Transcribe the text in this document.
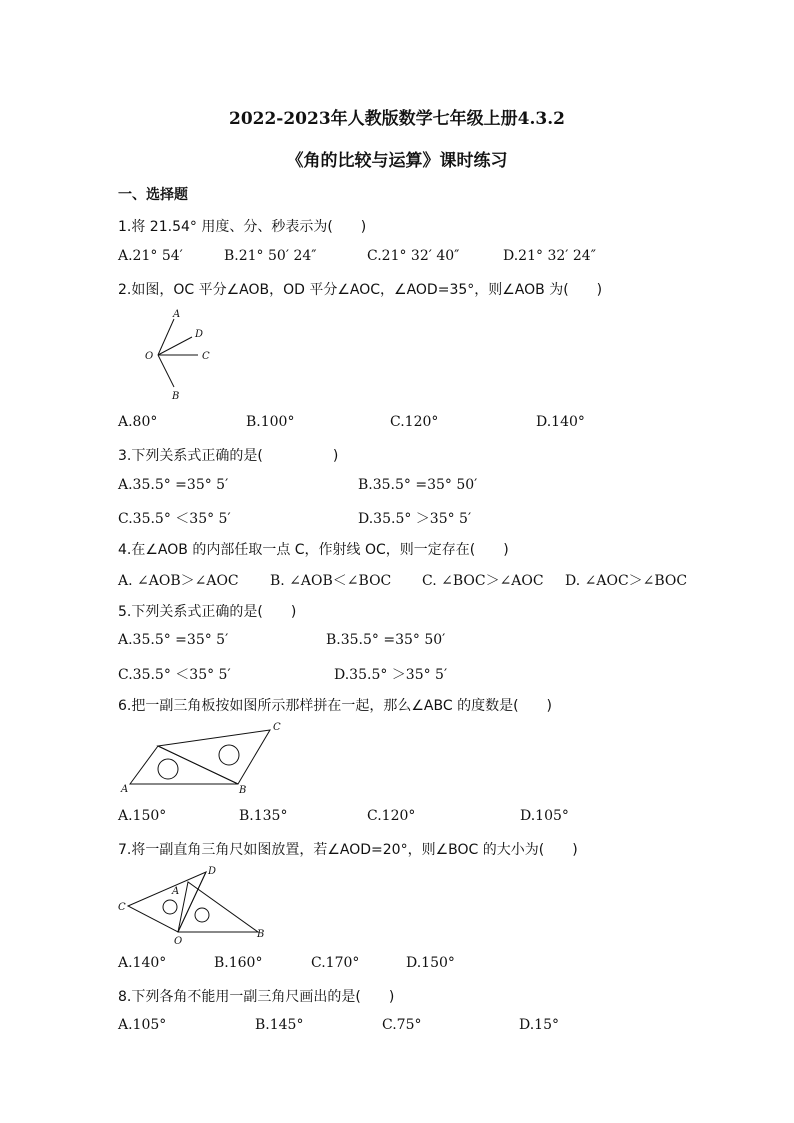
2022-2023年人教版数学七年级上册4.3.2
《角的比较与运算》课时练习
一、选择题
1.将 21.54° 用度、分、秒表示为(　　)
A.21° 54′	B.21° 50′ 24″	C.21° 32′ 40″	D.21° 32′ 24″
2.如图，OC 平分∠AOB，OD 平分∠AOC，∠AOD=35°，则∠AOB 为(　　)
A
D
O	C
B
A.80°	B.100°	C.120°	D.140°
3.下列关系式正确的是(　　　　　)
A.35.5° =35° 5′	B.35.5° =35° 50′
C.35.5° ＜35° 5′	D.35.5° ＞35° 5′
4.在∠AOB 的内部任取一点 C，作射线 OC，则一定存在(　　)
A. ∠AOB＞∠AOC B. ∠AOB＜∠BOC C. ∠BOC＞∠AOC D. ∠AOC＞∠BOC
5.下列关系式正确的是(　　)
A.35.5° =35° 5′	B.35.5° =35° 50′
C.35.5° ＜35° 5′	D.35.5° ＞35° 5′
6.把一副三角板按如图所示那样拼在一起，那么∠ABC 的度数是(　　)
C
A	B
A.150°	B.135°	C.120°	D.105°
7.将一副直角三角尺如图放置，若∠AOD=20°，则∠BOC 的大小为(　　)
D
A
C
O
B
A.140°	B.160°	C.170°	D.150°
8.下列各角不能用一副三角尺画出的是(　　)
A.105°	B.145°	C.75°	D.15°
